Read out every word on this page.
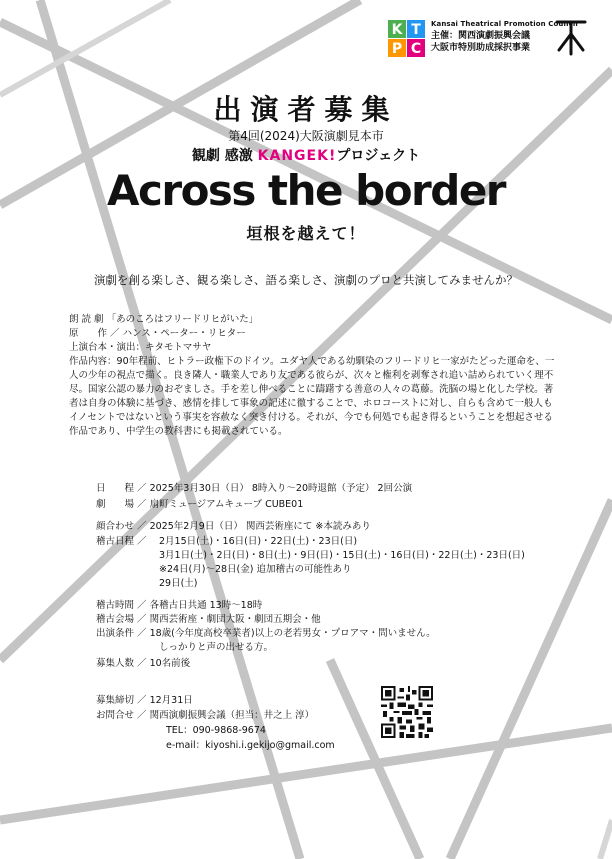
K T
P C
Kansai Theatrical Promotion Council
主催：関西演劇振興会議
大阪市特別助成採択事業
出演者募集
第4回(2024)大阪演劇見本市
観劇 感激 KANGEK!プロジェクト
Across the border
垣根を越えて！
演劇を創る楽しさ、観る楽しさ、語る楽しさ、演劇のプロと共演してみませんか？
朗 読 劇 「あのころはフリードリヒがいた」
原　　作 ／ ハンス・ペーター・リヒター
上演台本・演出：キタモトマサヤ
作品内容： 90年程前、ヒトラー政権下のドイツ。ユダヤ人である幼馴染のフリードリヒ一家がたどった運命を、一人の少年の視点で描く。良き隣人・職業人であり友である彼らが、次々と権利を剥奪され追い詰められていく理不尽。国家公認の暴力のおぞましさ。手を差し伸べることに躊躇する善意の人々の葛藤。洗脳の場と化した学校。著者は自身の体験に基づき、感情を排して事象の記述に徹することで、ホロコーストに対し、自らも含めて一般人もイノセントではないという事実を容赦なく突き付ける。それが、今でも何処でも起き得るということを想起させる作品であり、中学生の教科書にも掲載されている。
日　　程 ／ 2025年3月30日（日） 8時入り〜20時退館（予定） 2回公演
劇　　場 ／ 扇町ミュージアムキューブ CUBE01
顔合わせ ／ 2025年2月9日（日） 関西芸術座にて ※本読みあり
稽古日程 ／ 2月15日(土)・16日(日)・22日(土)・23日(日)
3月1日(土)・2日(日)・8日(土)・9日(日)・15日(土)・16日(日)・22日(土)・23日(日)
※24日(月)〜28日(金) 追加稽古の可能性あり
29日(土)
稽古時間 ／ 各稽古日共通 13時〜18時
稽古会場 ／ 関西芸術座・劇団大阪・劇団五期会・他
出演条件 ／ 18歳(今年度高校卒業者)以上の老若男女・プロアマ・問いません。
しっかりと声の出せる方。
募集人数 ／ 10名前後
募集締切 ／ 12月31日
お問合せ ／ 関西演劇振興会議（担当：井之上 淳）
TEL：090-9868-9674
e-mail：kiyoshi.i.gekijo@gmail.com
